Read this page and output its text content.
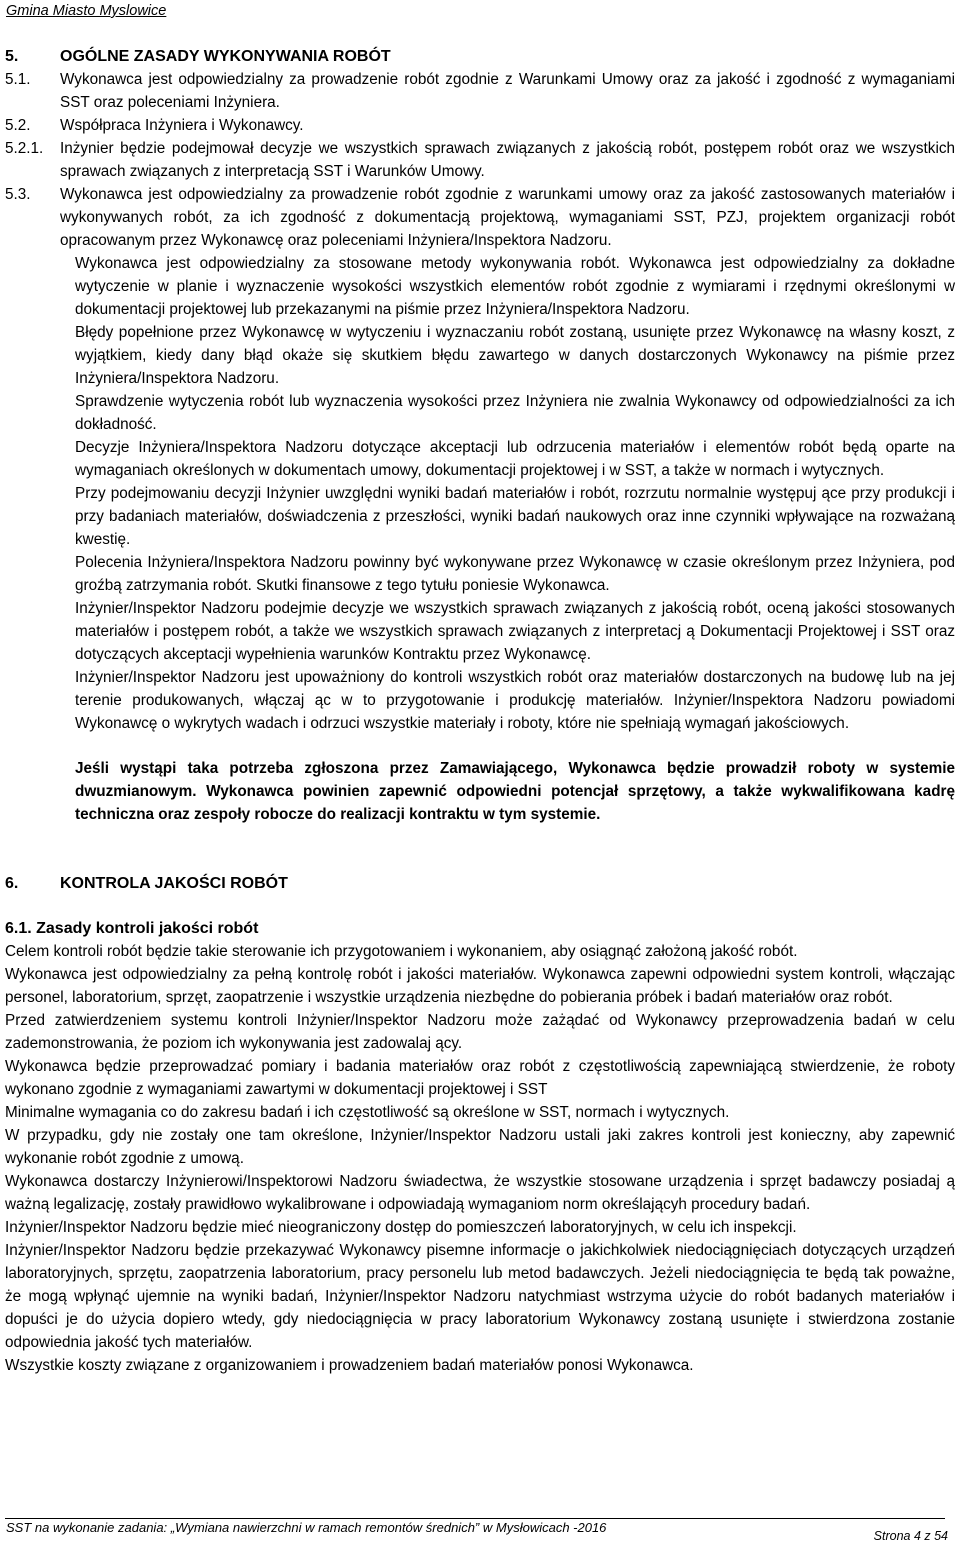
Gmina Miasto Myslowice
5.	OGÓLNE ZASADY WYKONYWANIA ROBÓT
5.1.	Wykonawca jest odpowiedzialny za prowadzenie robót zgodnie z Warunkami Umowy oraz za jakość i zgodność z wymaganiami SST oraz poleceniami Inżyniera.
5.2.	Współpraca Inżyniera i Wykonawcy.
5.2.1.	Inżynier będzie podejmował decyzje we wszystkich sprawach związanych z jakością robót, postępem robót oraz we wszystkich sprawach związanych z interpretacją SST i Warunków Umowy.
5.3.	Wykonawca jest odpowiedzialny za prowadzenie robót zgodnie z warunkami umowy oraz za jakość zastosowanych materiałów i wykonywanych robót, za ich zgodność z dokumentacją projektową, wymaganiami SST, PZJ, projektem organizacji robót opracowanym przez Wykonawcę oraz poleceniami Inżyniera/Inspektora Nadzoru.
Wykonawca jest odpowiedzialny za stosowane metody wykonywania robót. Wykonawca jest odpowiedzialny za dokładne wytyczenie w planie i wyznaczenie wysokości wszystkich elementów robót zgodnie z wymiarami i rzędnymi określonymi w dokumentacji projektowej lub przekazanymi na piśmie przez Inżyniera/Inspektora Nadzoru.
Błędy popełnione przez Wykonawcę w wytyczeniu i wyznaczaniu robót zostaną, usunięte przez Wykonawcę na własny koszt, z wyjątkiem, kiedy dany błąd okaże się skutkiem błędu zawartego w danych dostarczonych Wykonawcy na piśmie przez Inżyniera/Inspektora Nadzoru.
Sprawdzenie wytyczenia robót lub wyznaczenia wysokości przez Inżyniera nie zwalnia Wykonawcy od odpowiedzialności za ich dokładność.
Decyzje Inżyniera/Inspektora Nadzoru dotyczące akceptacji lub odrzucenia materiałów i elementów robót będą oparte na wymaganiach określonych w dokumentach umowy, dokumentacji projektowej i w SST, a także w normach i wytycznych.
Przy podejmowaniu decyzji Inżynier uwzględni wyniki badań materiałów i robót, rozrzutu normalnie występuj ące przy produkcji i przy badaniach materiałów, doświadczenia z przeszłości, wyniki badań naukowych oraz inne czynniki wpływające na rozważaną kwestię.
Polecenia Inżyniera/Inspektora Nadzoru powinny być wykonywane przez Wykonawcę w czasie określonym przez Inżyniera, pod groźbą zatrzymania robót. Skutki finansowe z tego tytułu poniesie Wykonawca.
Inżynier/Inspektor Nadzoru podejmie decyzje we wszystkich sprawach związanych z jakością robót, oceną jakości stosowanych materiałów i postępem robót, a także we wszystkich sprawach związanych z interpretacj ą Dokumentacji Projektowej i SST oraz dotyczących akceptacji wypełnienia warunków Kontraktu przez Wykonawcę.
Inżynier/Inspektor Nadzoru jest upoważniony do kontroli wszystkich robót oraz materiałów dostarczonych na budowę lub na jej terenie produkowanych, włączaj ąc w to przygotowanie i produkcję materiałów. Inżynier/Inspektora Nadzoru powiadomi Wykonawcę o wykrytych wadach i odrzuci wszystkie materiały i roboty, które nie spełniają wymagań jakościowych.
Jeśli wystąpi taka potrzeba zgłoszona przez Zamawiającego, Wykonawca będzie prowadził roboty w systemie dwuzmianowym. Wykonawca powinien zapewnić odpowiedni potencjał sprzętowy, a także wykwalifikowana kadrę techniczna oraz zespoły robocze do realizacji kontraktu w tym systemie.
6.	KONTROLA JAKOŚCI ROBÓT
6.1. Zasady kontroli jakości robót
Celem kontroli robót będzie takie sterowanie ich przygotowaniem i wykonaniem, aby osiągnąć założoną jakość robót.
Wykonawca jest odpowiedzialny za pełną kontrolę robót i jakości materiałów. Wykonawca zapewni odpowiedni system kontroli, włączając personel, laboratorium, sprzęt, zaopatrzenie i wszystkie urządzenia niezbędne do pobierania próbek i badań materiałów oraz robót.
Przed zatwierdzeniem systemu kontroli Inżynier/Inspektor Nadzoru może zażądać od Wykonawcy przeprowadzenia badań w celu zademonstrowania, że poziom ich wykonywania jest zadowalaj ący.
Wykonawca będzie przeprowadzać pomiary i badania materiałów oraz robót z częstotliwością zapewniającą stwierdzenie, że roboty wykonano zgodnie z wymaganiami zawartymi w dokumentacji projektowej i SST
Minimalne wymagania co do zakresu badań i ich częstotliwość są określone w SST, normach i wytycznych.
W przypadku, gdy nie zostały one tam określone, Inżynier/Inspektor Nadzoru ustali jaki zakres kontroli jest konieczny, aby zapewnić wykonanie robót zgodnie z umową.
Wykonawca dostarczy Inżynierowi/Inspektorowi Nadzoru świadectwa, że wszystkie stosowane urządzenia i sprzęt badawczy posiadaj ą ważną legalizację, zostały prawidłowo wykalibrowane i odpowiadają wymaganiom norm określającyh procedury badań.
Inżynier/Inspektor Nadzoru będzie mieć nieograniczony dostęp do pomieszczeń laboratoryjnych, w celu ich inspekcji.
Inżynier/Inspektor Nadzoru będzie przekazywać Wykonawcy pisemne informacje o jakichkolwiek niedociągnięciach dotyczących urządzeń laboratoryjnych, sprzętu, zaopatrzenia laboratorium, pracy personelu lub metod badawczych. Jeżeli niedociągnięcia te będą tak poważne, że mogą wpłynąć ujemnie na wyniki badań, Inżynier/Inspektor Nadzoru natychmiast wstrzyma użycie do robót badanych materiałów i dopuści je do użycia dopiero wtedy, gdy niedociągnięcia w pracy laboratorium Wykonawcy zostaną usunięte i stwierdzona zostanie odpowiednia jakość tych materiałów.
Wszystkie koszty związane z organizowaniem i prowadzeniem badań materiałów ponosi Wykonawca.
SST na wykonanie zadania: „Wymiana nawierzchni w ramach remontów średnich” w Mysłowicach -2016
Strona 4 z 54
